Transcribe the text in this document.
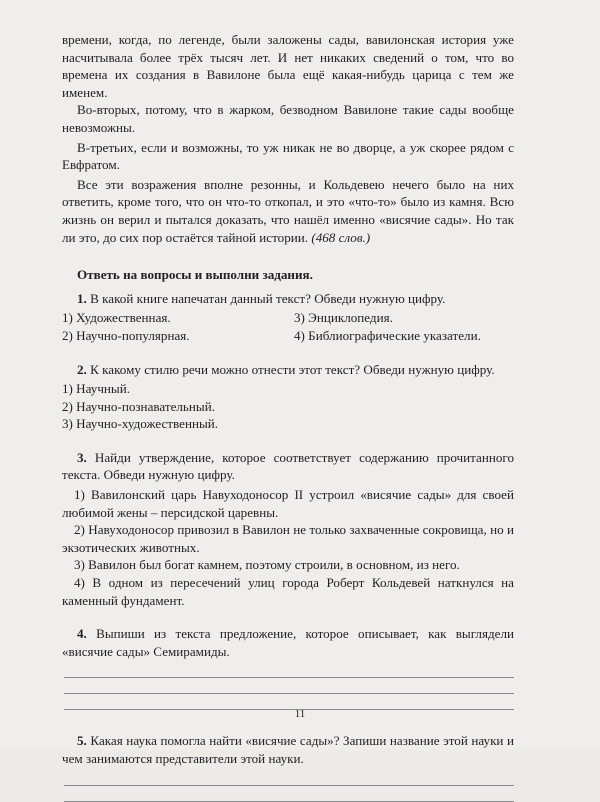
времени, когда, по легенде, были заложены сады, вавилонская история уже насчитывала более трёх тысяч лет. И нет никаких сведений о том, что во времена их создания в Вавилоне была ещё какая-нибудь царица с тем же именем.

Во-вторых, потому, что в жарком, безводном Вавилоне такие сады вообще невозможны.

В-третьих, если и возможны, то уж никак не во дворце, а уж скорее рядом с Евфратом.

Все эти возражения вполне резонны, и Кольдевею нечего было на них ответить, кроме того, что он что-то откопал, и это «что-то» было из камня. Всю жизнь он верил и пытался доказать, что нашёл именно «висячие сады». Но так ли это, до сих пор остаётся тайной истории. (468 слов.)

Ответь на вопросы и выполни задания.

1. В какой книге напечатан данный текст? Обведи нужную цифру.

1) Художественная.	3) Энциклопедия.
2) Научно-популярная.	4) Библиографические указатели.

2. К какому стилю речи можно отнести этот текст? Обведи нужную цифру.

1) Научный.

2) Научно-познавательный.

3) Научно-художественный.

3. Найди утверждение, которое соответствует содержанию прочитанного текста. Обведи нужную цифру.

1) Вавилонский царь Навуходоносор II устроил «висячие сады» для своей любимой жены – персидской царевны.

2) Навуходоносор привозил в Вавилон не только захваченные сокровища, но и экзотических животных.

3) Вавилон был богат камнем, поэтому строили, в основном, из него.

4) В одном из пересечений улиц города Роберт Кольдевей наткнулся на каменный фундамент.

4. Выпиши из текста предложение, которое описывает, как выглядели «висячие сады» Семирамиды.

5. Какая наука помогла найти «висячие сады»? Запиши название этой науки и чем занимаются представители этой науки.

11
